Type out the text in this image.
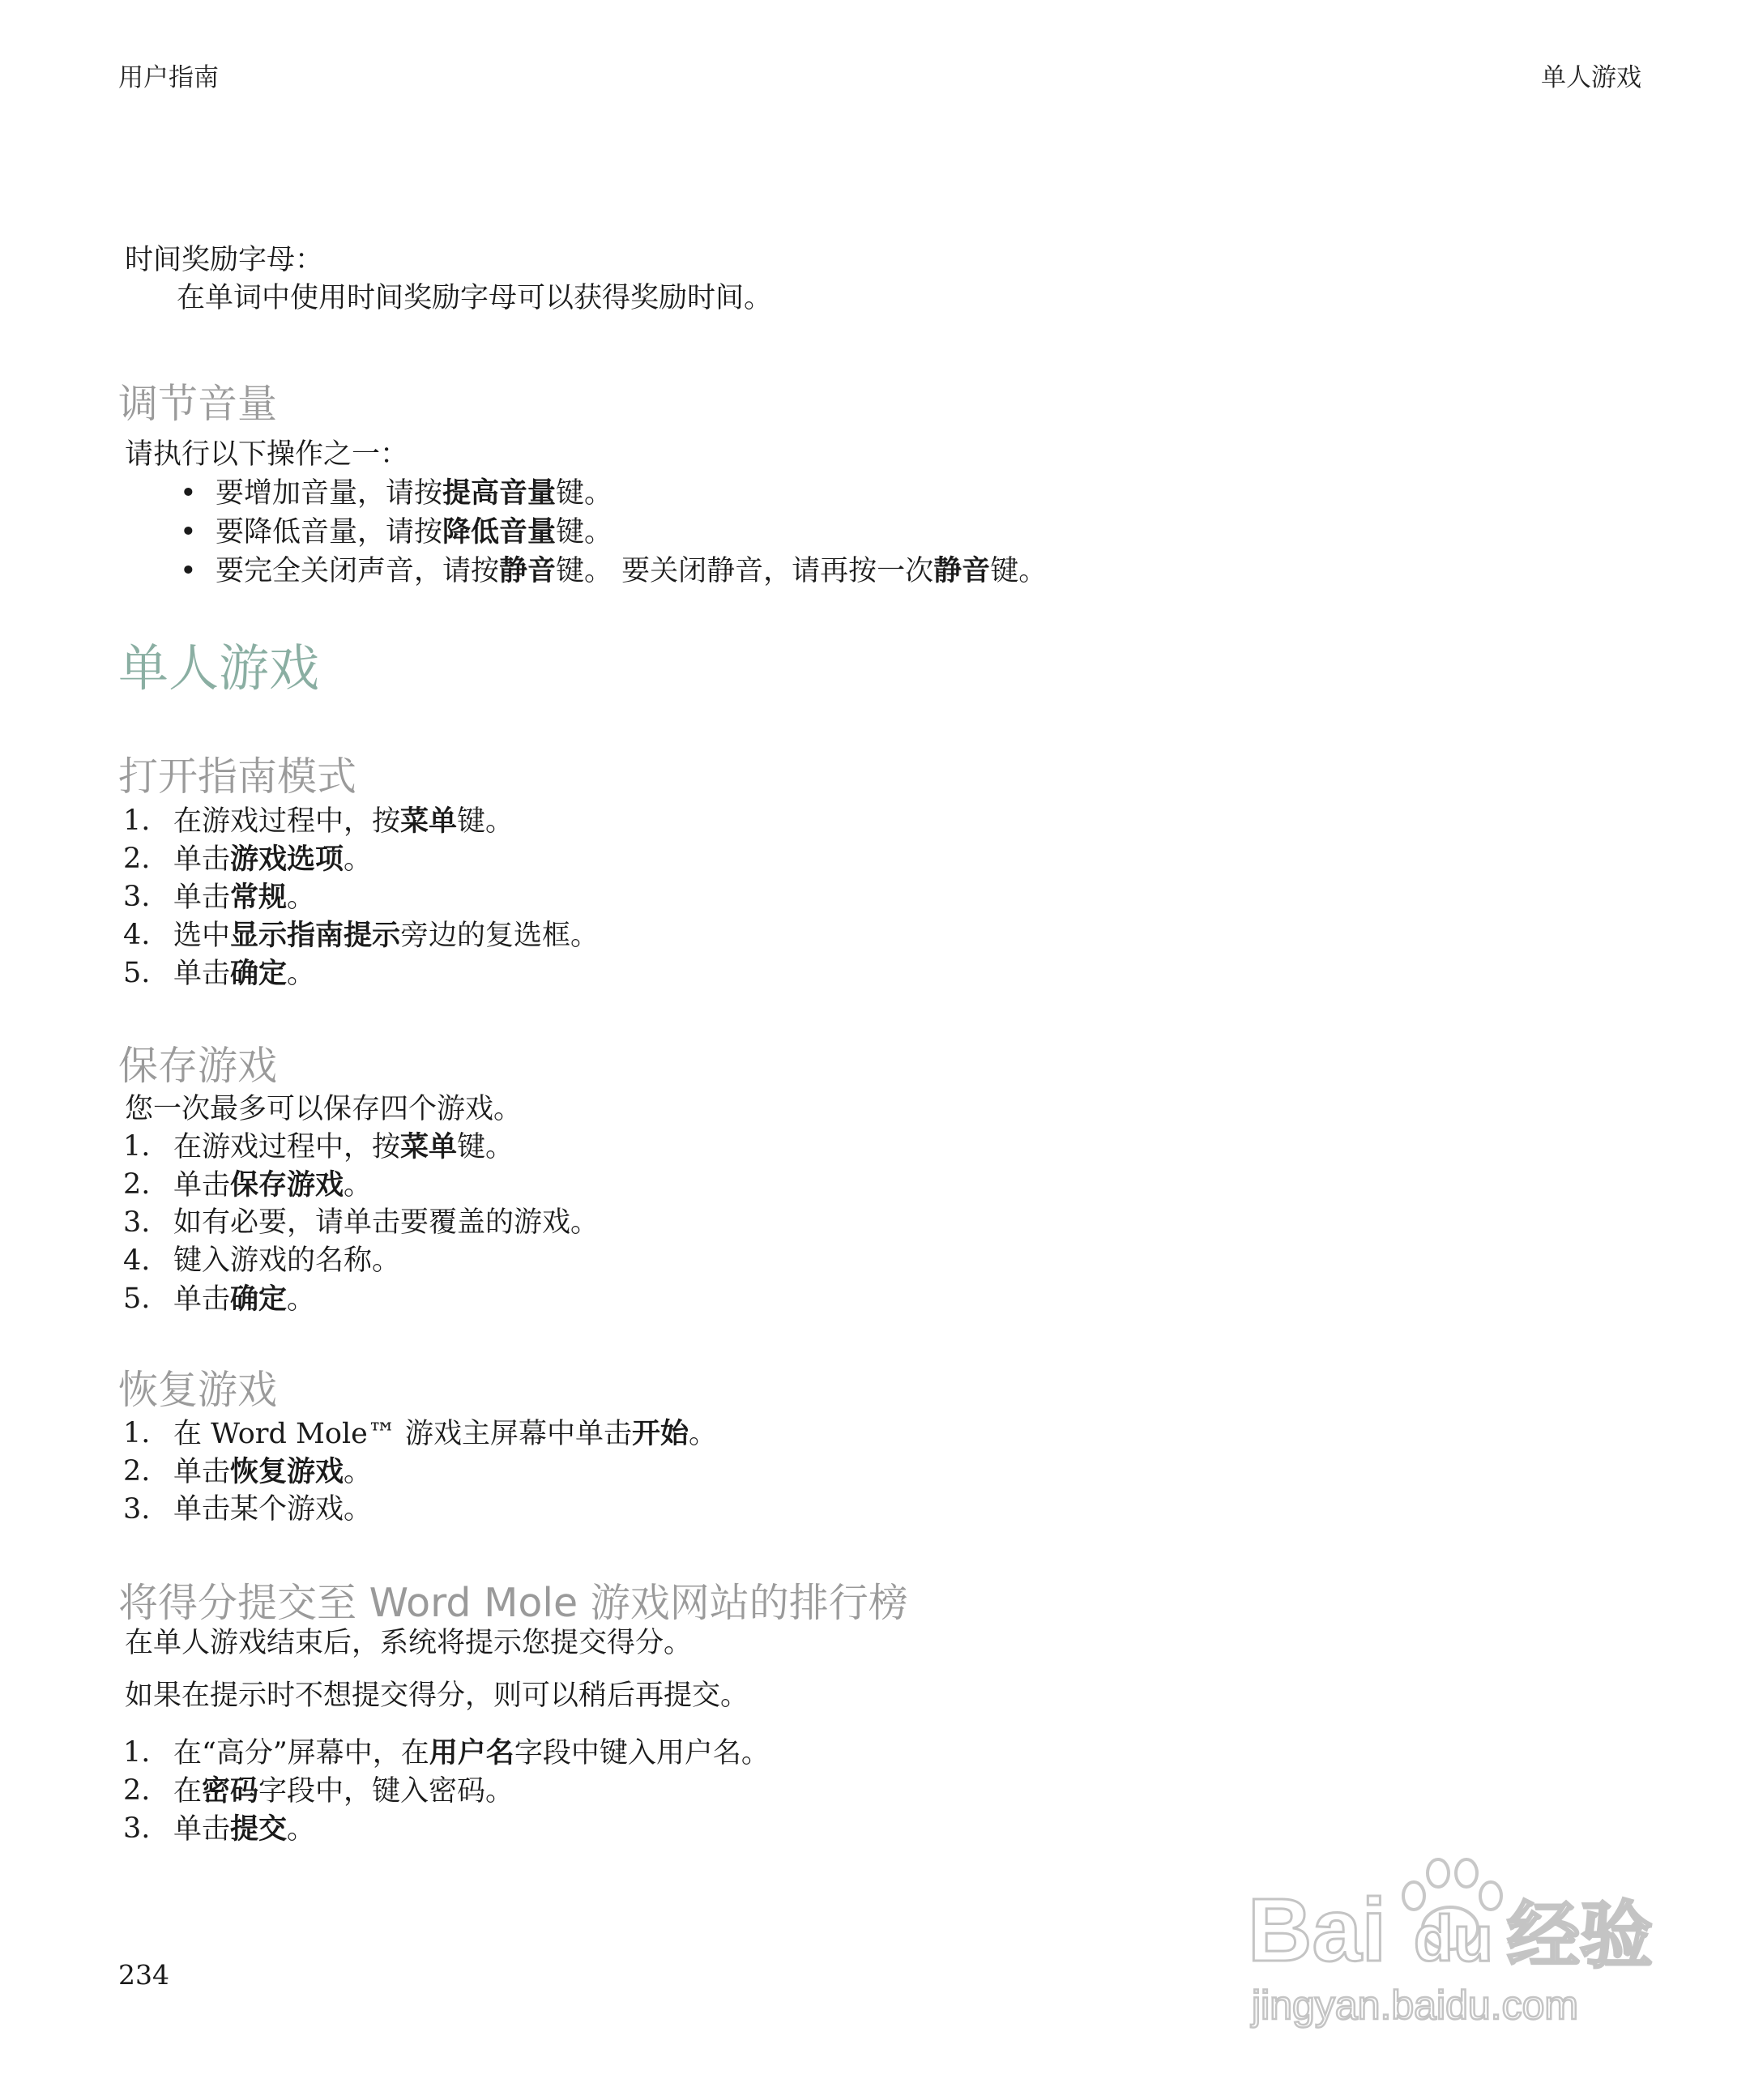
用户指南	单人游戏
时间奖励字母：
在单词中使用时间奖励字母可以获得奖励时间。
调节音量
请执行以下操作之一：
• 要增加音量，请按提高音量键。
• 要降低音量，请按降低音量键。
• 要完全关闭声音，请按静音键。 要关闭静音，请再按一次静音键。
单人游戏
打开指南模式
1. 在游戏过程中，按菜单键。
2. 单击游戏选项。
3. 单击常规。
4. 选中显示指南提示旁边的复选框。
5. 单击确定。
保存游戏
您一次最多可以保存四个游戏。
1. 在游戏过程中，按菜单键。
2. 单击保存游戏。
3. 如有必要，请单击要覆盖的游戏。
4. 键入游戏的名称。
5. 单击确定。
恢复游戏
1. 在 Word Mole™ 游戏主屏幕中单击开始。
2. 单击恢复游戏。
3. 单击某个游戏。
将得分提交至 Word Mole 游戏网站的排行榜
在单人游戏结束后，系统将提示您提交得分。
如果在提示时不想提交得分，则可以稍后再提交。
1. 在“高分”屏幕中，在用户名字段中键入用户名。
2. 在密码字段中，键入密码。
3. 单击提交。
234	Bai du 经验
jingyan.baidu.com
